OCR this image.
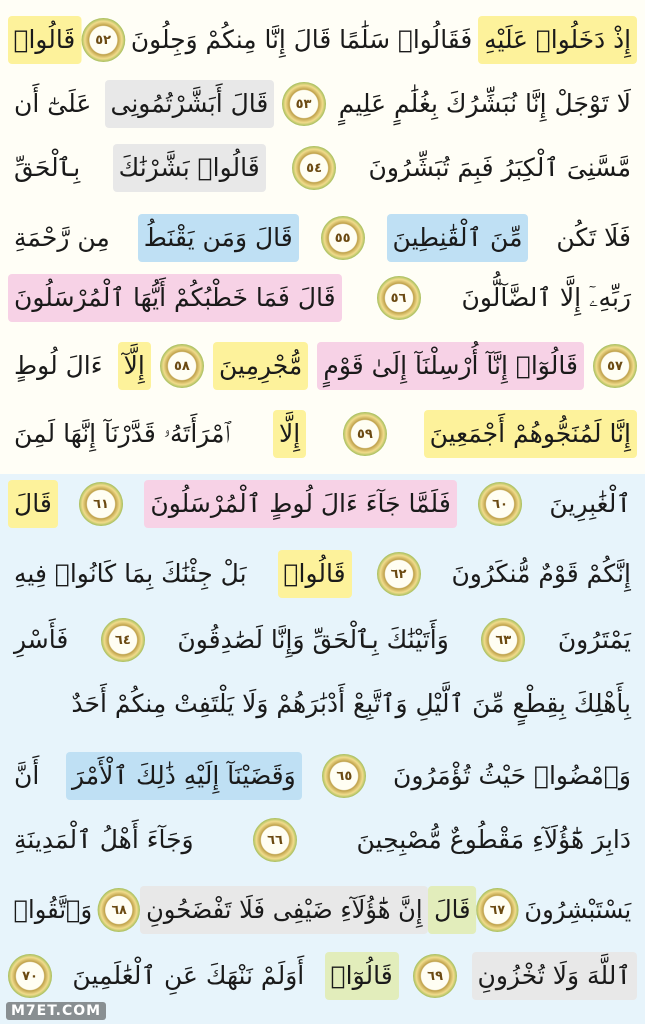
إِذْ دَخَلُوا۟ عَلَيْهِ
فَقَالُوا۟ سَلَٰمًا قَالَ إِنَّا مِنكُمْ وَجِلُونَ
٥٢
قَالُوا۟
لَا تَوْجَلْ إِنَّا نُبَشِّرُكَ بِغُلَٰمٍ عَلِيمٍ
٥٣
قَالَ أَبَشَّرْتُمُونِى
عَلَىٰٓ أَن
مَّسَّنِىَ ٱلْكِبَرُ فَبِمَ تُبَشِّرُونَ
٥٤
قَالُوا۟ بَشَّرْنَٰكَ
بِٱلْحَقِّ
فَلَا تَكُن
مِّنَ ٱلْقَٰنِطِينَ
٥٥
قَالَ وَمَن يَقْنَطُ
مِن رَّحْمَةِ
رَبِّهِۦٓ إِلَّا ٱلضَّآلُّونَ
٥٦
قَالَ فَمَا خَطْبُكُمْ أَيُّهَا ٱلْمُرْسَلُونَ
٥٧
قَالُوٓا۟ إِنَّآ أُرْسِلْنَآ إِلَىٰ قَوْمٍ
مُّجْرِمِينَ
٥٨
إِلَّآ
ءَالَ لُوطٍ
إِنَّا لَمُنَجُّوهُمْ أَجْمَعِينَ
٥٩
إِلَّا
ٱمْرَأَتَهُۥ قَدَّرْنَآ إِنَّهَا لَمِنَ
ٱلْغَٰبِرِينَ
٦٠
فَلَمَّا جَآءَ ءَالَ لُوطٍ ٱلْمُرْسَلُونَ
٦١
قَالَ
إِنَّكُمْ قَوْمٌ مُّنكَرُونَ
٦٢
قَالُوا۟
بَلْ جِئْنَٰكَ بِمَا كَانُوا۟ فِيهِ
يَمْتَرُونَ
٦٣
وَأَتَيْنَٰكَ بِٱلْحَقِّ وَإِنَّا لَصَٰدِقُونَ
٦٤
فَأَسْرِ
بِأَهْلِكَ بِقِطْعٍ مِّنَ ٱلَّيْلِ وَٱتَّبِعْ أَدْبَٰرَهُمْ وَلَا يَلْتَفِتْ مِنكُمْ أَحَدٌ
وَٱمْضُوا۟ حَيْثُ تُؤْمَرُونَ
٦٥
وَقَضَيْنَآ إِلَيْهِ ذَٰلِكَ ٱلْأَمْرَ
أَنَّ
دَابِرَ هَٰٓؤُلَآءِ مَقْطُوعٌ مُّصْبِحِينَ
٦٦
وَجَآءَ أَهْلُ ٱلْمَدِينَةِ
يَسْتَبْشِرُونَ
٦٧
قَالَ
إِنَّ هَٰٓؤُلَآءِ ضَيْفِى فَلَا تَفْضَحُونِ
٦٨
وَٱتَّقُوا۟
ٱللَّهَ وَلَا تُخْزُونِ
٦٩
قَالُوٓا۟
أَوَلَمْ نَنْهَكَ عَنِ ٱلْعَٰلَمِينَ
٧٠
M7ET.COM
